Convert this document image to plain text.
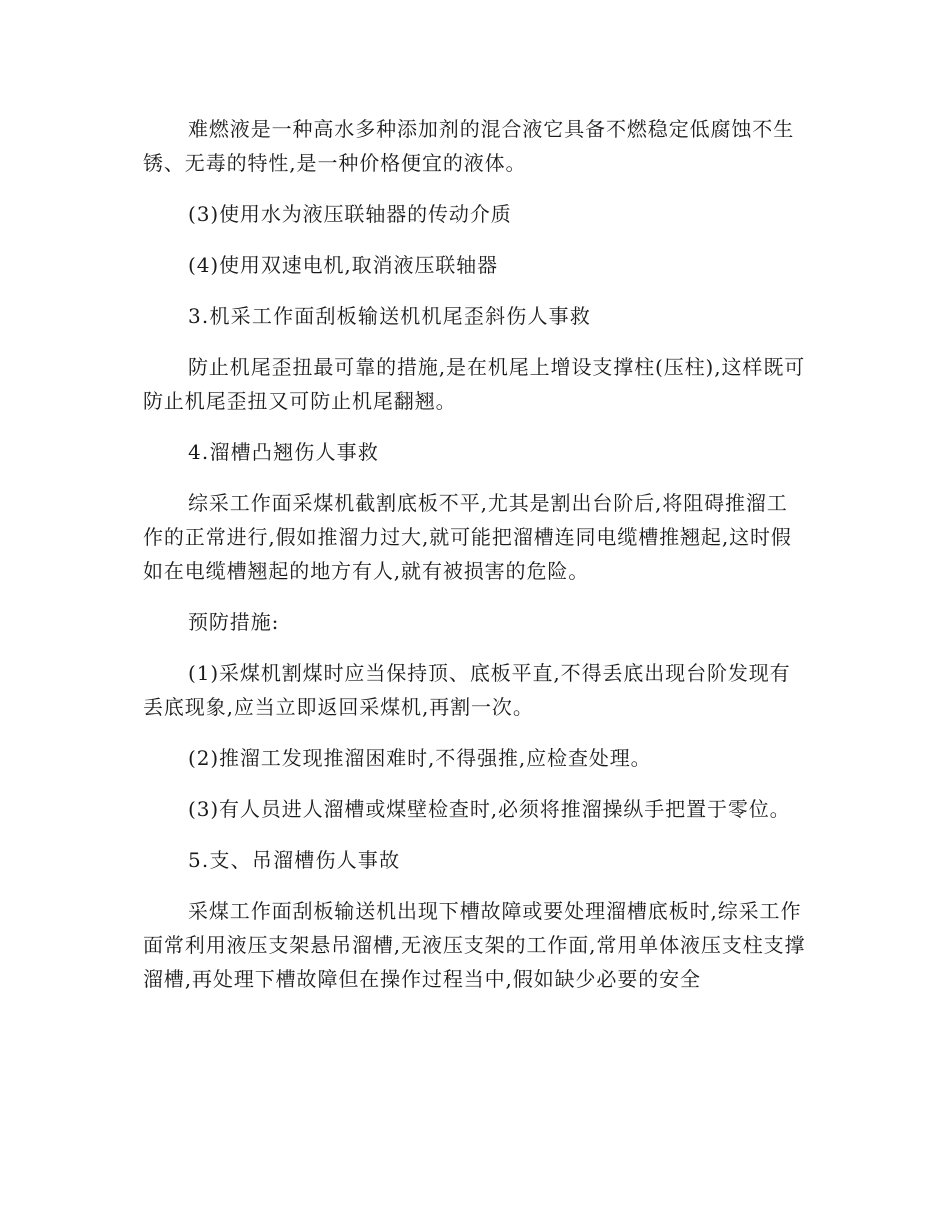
难燃液是一种高水多种添加剂的混合液它具备不燃稳定低腐蚀不生锈、无毒的特性,是一种价格便宜的液体。

(3)使用水为液压联轴器的传动介质

(4)使用双速电机,取消液压联轴器

3.机采工作面刮板输送机机尾歪斜伤人事救

防止机尾歪扭最可靠的措施,是在机尾上增设支撑柱(压柱),这样既可防止机尾歪扭又可防止机尾翻翘。

4.溜槽凸翘伤人事救

综采工作面采煤机截割底板不平,尤其是割出台阶后,将阻碍推溜工作的正常进行,假如推溜力过大,就可能把溜槽连同电缆槽推翘起,这时假如在电缆槽翘起的地方有人,就有被损害的危险。

预防措施:

(1)采煤机割煤时应当保持顶、底板平直,不得丢底出现台阶发现有丢底现象,应当立即返回采煤机,再割一次。

(2)推溜工发现推溜困难时,不得强推,应检查处理。

(3)有人员进人溜槽或煤壁检查时,必须将推溜操纵手把置于零位。

5.支、吊溜槽伤人事故

采煤工作面刮板输送机出现下槽故障或要处理溜槽底板时,综采工作面常利用液压支架悬吊溜槽,无液压支架的工作面,常用单体液压支柱支撑溜槽,再处理下槽故障但在操作过程当中,假如缺少必要的安全
